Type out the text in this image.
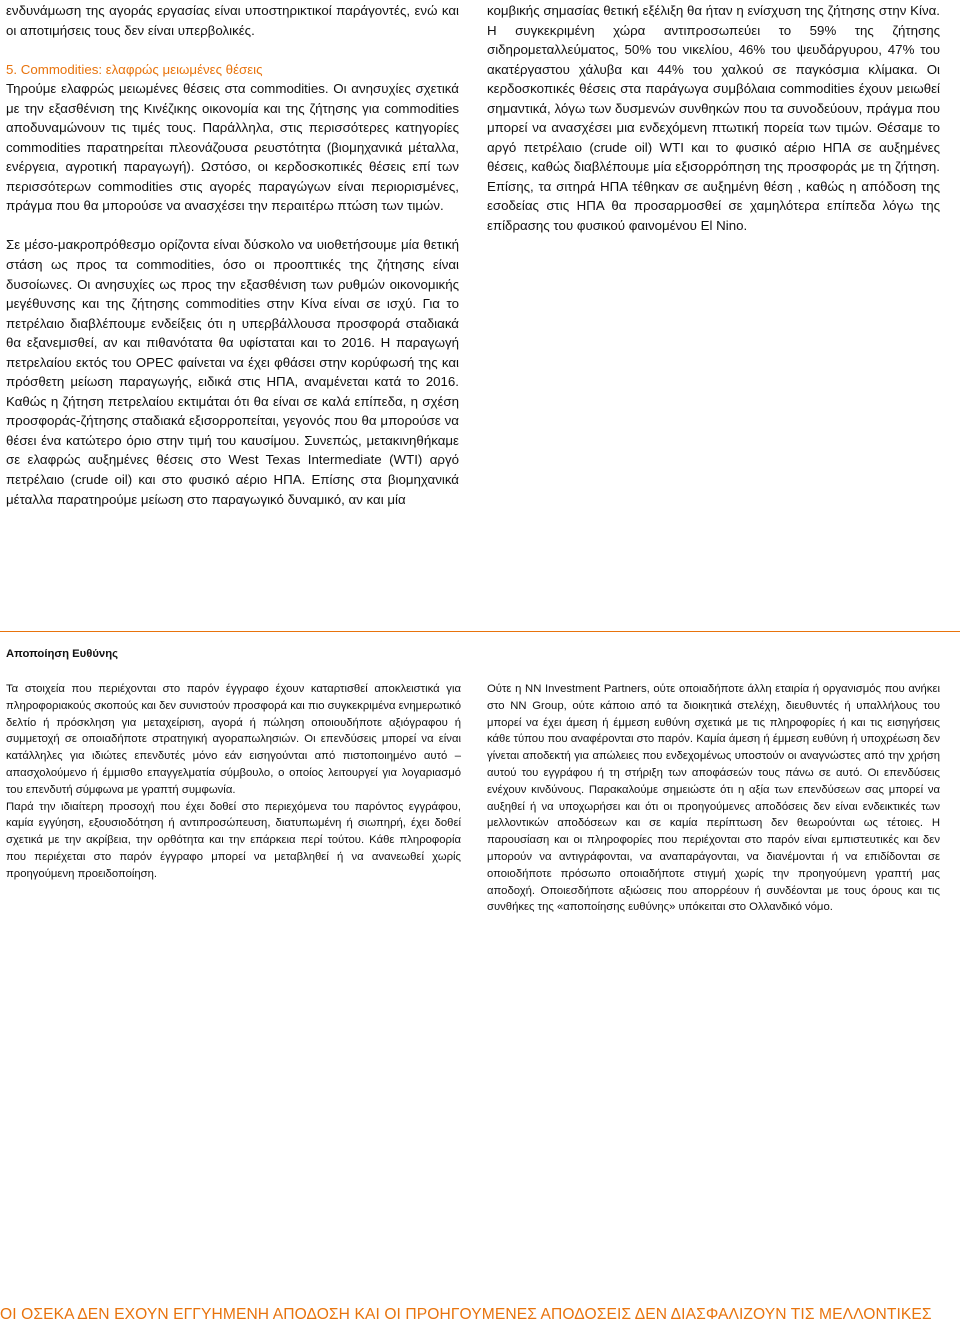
ενδυνάμωση της αγοράς εργασίας είναι υποστηρικτικοί παράγοντές, ενώ και οι αποτιμήσεις τους δεν είναι υπερβολικές.

5. Commodities: ελαφρώς μειωμένες θέσεις

Τηρούμε ελαφρώς μειωμένες θέσεις στα commodities. Οι ανησυχίες σχετικά με την εξασθένιση της Κινέζικης οικονομία και της ζήτησης για commodities αποδυναμώνουν τις τιμές τους. Παράλληλα, στις περισσότερες κατηγορίες commodities παρατηρείται πλεονάζουσα ρευστότητα (βιομηχανικά μέταλλα, ενέργεια, αγροτική παραγωγή). Ωστόσο, οι κερδοσκοπικές θέσεις επί των περισσότερων commodities στις αγορές παραγώγων είναι περιορισμένες, πράγμα που θα μπορούσε να ανασχέσει την περαιτέρω πτώση των τιμών.

Σε μέσο-μακροπρόθεσμο ορίζοντα είναι δύσκολο να υιοθετήσουμε μία θετική στάση ως προς τα commodities, όσο οι προοπτικές της ζήτησης είναι δυσοίωνες. Οι ανησυχίες ως προς την εξασθένιση των ρυθμών οικονομικής μεγέθυνσης και της ζήτησης commodities στην Κίνα είναι σε ισχύ. Για το πετρέλαιο διαβλέπουμε ενδείξεις ότι η υπερβάλλουσα προσφορά σταδιακά θα εξανεμισθεί, αν και πιθανότατα θα υφίσταται και το 2016. Η παραγωγή πετρελαίου εκτός του OPEC φαίνεται να έχει φθάσει στην κορύφωσή της και πρόσθετη μείωση παραγωγής, ειδικά στις ΗΠΑ, αναμένεται κατά το 2016. Καθώς η ζήτηση πετρελαίου εκτιμάται ότι θα είναι σε καλά επίπεδα, η σχέση προσφοράς-ζήτησης σταδιακά εξισορροπείται, γεγονός που θα μπορούσε να θέσει ένα κατώτερο όριο στην τιμή του καυσίμου. Συνεπώς, μετακινηθήκαμε σε ελαφρώς αυξημένες θέσεις στο West Texas Intermediate (WTI) αργό πετρέλαιο (crude oil) και στο φυσικό αέριο ΗΠΑ. Επίσης στα βιομηχανικά μέταλλα παρατηρούμε μείωση στο παραγωγικό δυναμικό, αν και μία

κομβικής σημασίας θετική εξέλιξη θα ήταν η ενίσχυση της ζήτησης στην Κίνα. Η συγκεκριμένη χώρα αντιπροσωπεύει το 59% της ζήτησης σιδηρομεταλλεύματος, 50% του νικελίου, 46% του ψευδάργυρου, 47% του ακατέργαστου χάλυβα και 44% του χαλκού σε παγκόσμια κλίμακα. Οι κερδοσκοπικές θέσεις στα παράγωγα συμβόλαια commodities έχουν μειωθεί σημαντικά, λόγω των δυσμενών συνθηκών που τα συνοδεύουν, πράγμα που μπορεί να ανασχέσει μια ενδεχόμενη πτωτική πορεία των τιμών. Θέσαμε το αργό πετρέλαιο (crude oil) WTI και το φυσικό αέριο ΗΠΑ σε αυξημένες θέσεις, καθώς διαβλέπουμε μία εξισορρόπηση της προσφοράς με τη ζήτηση. Επίσης, τα σιτηρά ΗΠΑ τέθηκαν σε αυξημένη θέση , καθώς η απόδοση της εσοδείας στις ΗΠΑ θα προσαρμοσθεί σε χαμηλότερα επίπεδα λόγω της επίδρασης του φυσικού φαινομένου El Nino.

Αποποίηση Ευθύνης

Τα στοιχεία που περιέχονται στο παρόν έγγραφο έχουν καταρτισθεί αποκλειστικά για πληροφοριακούς σκοπούς και δεν συνιστούν προσφορά και πιο συγκεκριμένα ενημερωτικό δελτίο ή πρόσκληση για μεταχείριση, αγορά ή πώληση οποιουδήποτε αξιόγραφου ή συμμετοχή σε οποιαδήποτε στρατηγική αγοραπωλησιών. Οι επενδύσεις μπορεί να είναι κατάλληλες για ιδιώτες επενδυτές μόνο εάν εισηγούνται από πιστοποιημένο αυτό – απασχολούμενο ή έμμισθο επαγγελματία σύμβουλο, ο οποίος λειτουργεί για λογαριασμό του επενδυτή σύμφωνα με γραπτή συμφωνία.

Παρά την ιδιαίτερη προσοχή που έχει δοθεί στο περιεχόμενα του παρόντος εγγράφου, καμία εγγύηση, εξουσιοδότηση ή αντιπροσώπευση, διατυπωμένη ή σιωπηρή, έχει δοθεί σχετικά με την ακρίβεια, την ορθότητα και την επάρκεια περί τούτου. Κάθε πληροφορία που περιέχεται στο παρόν έγγραφο μπορεί να μεταβληθεί ή να ανανεωθεί χωρίς προηγούμενη προειδοποίηση.

Ούτε η NN Investment Partners, ούτε οποιαδήποτε άλλη εταιρία ή οργανισμός που ανήκει στο NN Group, ούτε κάποιο από τα διοικητικά στελέχη, διευθυντές ή υπαλλήλους του μπορεί να έχει άμεση ή έμμεση ευθύνη σχετικά με τις πληροφορίες ή και τις εισηγήσεις κάθε τύπου που αναφέρονται στο παρόν. Καμία άμεση ή έμμεση ευθύνη ή υποχρέωση δεν γίνεται αποδεκτή για απώλειες που ενδεχομένως υποστούν οι αναγνώστες από την χρήση αυτού του εγγράφου ή τη στήριξη των αποφάσεών τους πάνω σε αυτό. Οι επενδύσεις ενέχουν κινδύνους. Παρακαλούμε σημειώστε ότι η αξία των επενδύσεων σας μπορεί να αυξηθεί ή να υποχωρήσει και ότι οι προηγούμενες αποδόσεις δεν είναι ενδεικτικές των μελλοντικών αποδόσεων και σε καμία περίπτωση δεν θεωρούνται ως τέτοιες. Η παρουσίαση και οι πληροφορίες που περιέχονται στο παρόν είναι εμπιστευτικές και δεν μπορούν να αντιγράφονται, να αναπαράγονται, να διανέμονται ή να επιδίδονται σε οποιοδήποτε πρόσωπο οποιαδήποτε στιγμή χωρίς την προηγούμενη γραπτή μας αποδοχή. Οποιεσδήποτε αξιώσεις που απορρέουν ή συνδέονται με τους όρους και τις συνθήκες της «αποποίησης ευθύνης» υπόκειται στο Ολλανδικό νόμο.

ΟΙ ΟΣΕΚΑ ΔΕΝ ΕΧΟΥΝ ΕΓΓΥΗΜΕΝΗ ΑΠΟΔΟΣΗ ΚΑΙ ΟΙ ΠΡΟΗΓΟΥΜΕΝΕΣ ΑΠΟΔΟΣΕΙΣ ΔΕΝ ΔΙΑΣΦΑΛΙΖΟΥΝ ΤΙΣ ΜΕΛΛΟΝΤΙΚΕΣ
